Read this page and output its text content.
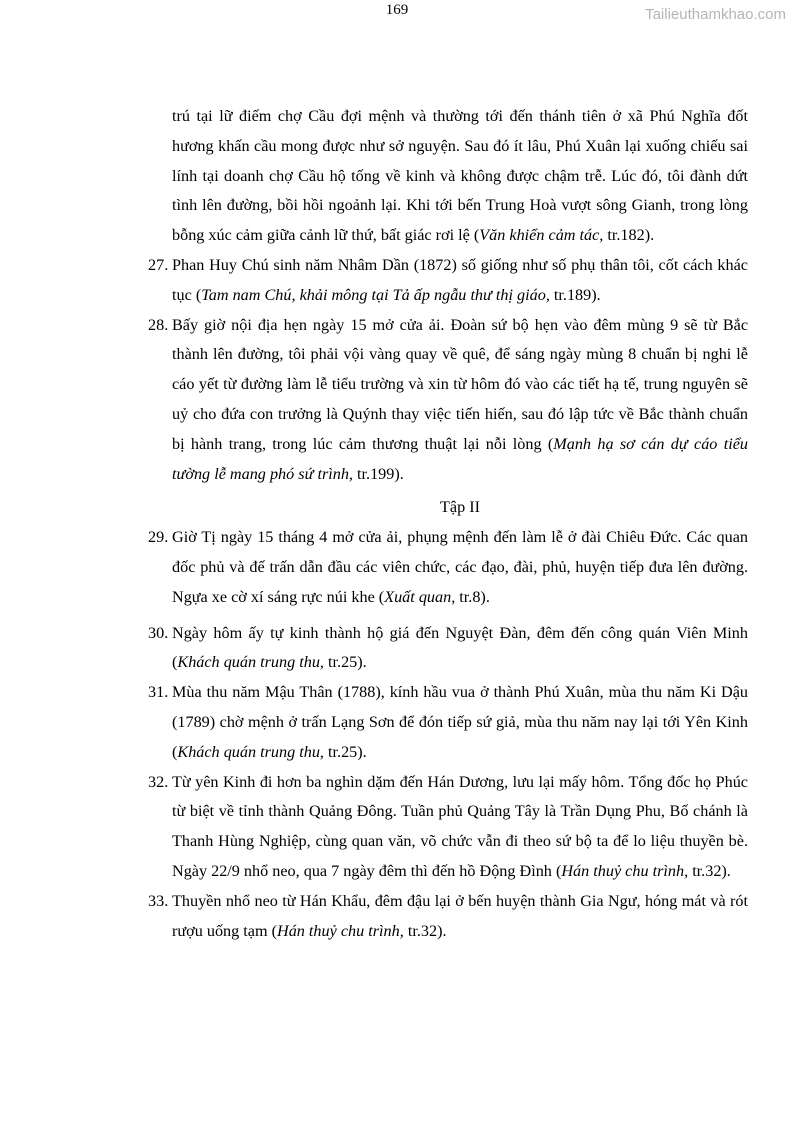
169	Tailieuthamkhao.com
trú tại lữ điếm chợ Cầu đợi mệnh và thường tới đến thánh tiên ở xã Phú Nghĩa đốt hương khấn cầu mong được như sở nguyện. Sau đó ít lâu, Phú Xuân lại xuống chiếu sai lính tại doanh chợ Cầu hộ tống về kinh và không được chậm trễ. Lúc đó, tôi đành dứt tình lên đường, bồi hồi ngoảnh lại. Khi tới bến Trung Hoà vượt sông Gianh, trong lòng bỗng xúc cảm giữa cảnh lữ thứ, bất giác rơi lệ (Văn khiển cảm tác, tr.182).
27. Phan Huy Chú sinh năm Nhâm Dần (1872) số giống như số phụ thân tôi, cốt cách khác tục (Tam nam Chú, khải mông tại Tả ấp ngẫu thư thị giáo, tr.189).
28. Bấy giờ nội địa hẹn ngày 15 mở cửa ải. Đoàn sứ bộ hẹn vào đêm mùng 9 sẽ từ Bắc thành lên đường, tôi phải vội vàng quay về quê, để sáng ngày mùng 8 chuẩn bị nghi lễ cáo yết từ đường làm lễ tiểu trường và xin từ hôm đó vào các tiết hạ tế, trung nguyên sẽ uỷ cho đứa con trưởng là Quýnh thay việc tiến hiến, sau đó lập tức về Bắc thành chuẩn bị hành trang, trong lúc cảm thương thuật lại nỗi lòng (Mạnh hạ sơ cán dự cáo tiểu tường lễ mang phó sứ trình, tr.199).
Tập II
29. Giờ Tị ngày 15 tháng 4 mở cửa ải, phụng mệnh đến làm lễ ở đài Chiêu Đức. Các quan đốc phủ và đế trấn dẫn đầu các viên chức, các đạo, đài, phủ, huyện tiếp đưa lên đường. Ngựa xe cờ xí sáng rực núi khe (Xuất quan, tr.8).
30. Ngày hôm ấy tự kinh thành hộ giá đến Nguyệt Đàn, đêm đến công quán Viên Minh (Khách quán trung thu, tr.25).
31. Mùa thu năm Mậu Thân (1788), kính hầu vua ở thành Phú Xuân, mùa thu năm Ki Dậu (1789) chờ mệnh ở trấn Lạng Sơn để đón tiếp sứ giả, mùa thu năm nay lại tới Yên Kinh (Khách quán trung thu, tr.25).
32. Từ yên Kinh đi hơn ba nghìn dặm đến Hán Dương, lưu lại mấy hôm. Tổng đốc họ Phúc từ biệt về tỉnh thành Quảng Đông. Tuần phủ Quảng Tây là Trần Dụng Phu, Bố chánh là Thanh Hùng Nghiệp, cùng quan văn, võ chức vẫn đi theo sứ bộ ta để lo liệu thuyền bè. Ngày 22/9 nhổ neo, qua 7 ngày đêm thì đến hồ Động Đình (Hán thuỷ chu trình, tr.32).
33. Thuyền nhổ neo từ Hán Khẩu, đêm đậu lại ở bến huyện thành Gia Ngư, hóng mát và rót rượu uống tạm (Hán thuỷ chu trình, tr.32).
